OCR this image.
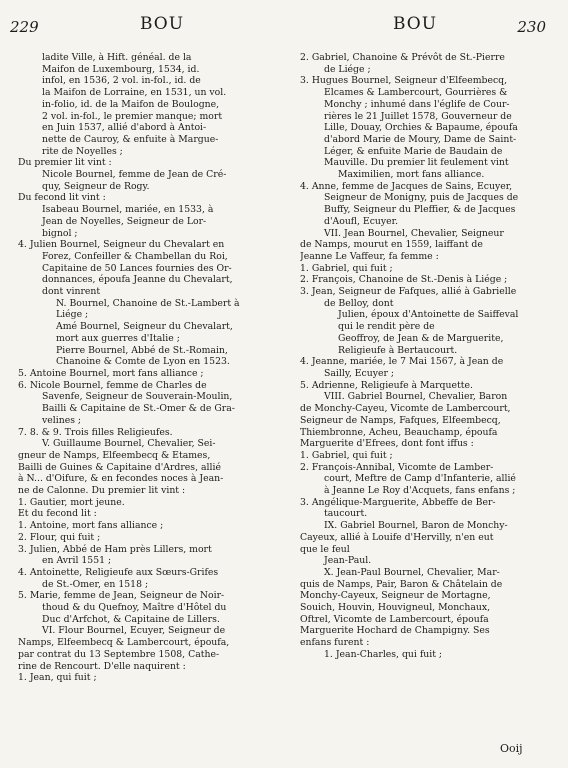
229	BOU	BOU	230
ladite Ville, à Hift. généal. de la
Maifon de Luxembourg, 1534, id.
infol, en 1536, 2 vol. in-fol., id. de
la Maifon de Lorraine, en 1531, un vol.
in-folio, id. de la Maifon de Boulogne,
2 vol. in-fol., le premier manque; mort
en Juin 1537, allié d'abord à Antoi-
nette de Cauroy, & enfuite à Margue-
rite de Noyelles ;
Du premier lit vint :
Nicole Bournel, femme de Jean de Cré-
quy, Seigneur de Rogy.
Du fecond lit vint :
Isabeau Bournel, mariée, en 1533, à
Jean de Noyelles, Seigneur de Lor-
bignol ;
4. Julien Bournel, Seigneur du Chevalart en
Forez, Confeiller & Chambellan du Roi,
Capitaine de 50 Lances fournies des Or-
donnances, époufa Jeanne du Chevalart,
dont vinrent
N. Bournel, Chanoine de St.-Lambert à
Liége ;
Amé Bournel, Seigneur du Chevalart,
mort aux guerres d'Italie ;
Pierre Bournel, Abbé de St.-Romain,
Chanoine & Comte de Lyon en 1523.
5. Antoine Bournel, mort fans alliance ;
6. Nicole Bournel, femme de Charles de
Savenfe, Seigneur de Souverain-Moulin,
Bailli & Capitaine de St.-Omer & de Gra-
velines ;
7. 8. & 9. Trois filles Religieufes.
V. Guillaume Bournel, Chevalier, Sei-
gneur de Namps, Elfeembecq & Etames,
Bailli de Guines & Capitaine d'Ardres, allié
à N... d'Oifure, & en fecondes noces à Jean-
ne de Calonne. Du premier lit vint :
1. Gautier, mort jeune.
Et du fecond lit :
1. Antoine, mort fans alliance ;
2. Flour, qui fuit ;
3. Julien, Abbé de Ham près Lillers, mort
en Avril 1551 ;
4. Antoinette, Religieufe aux Sœurs-Grifes
de St.-Omer, en 1518 ;
5. Marie, femme de Jean, Seigneur de Noir-
thoud & du Quefnoy, Maître d'Hôtel du
Duc d'Arfchot, & Capitaine de Lillers.
VI. Flour Bournel, Ecuyer, Seigneur de
Namps, Elfeembecq & Lambercourt, époufa,
par contrat du 13 Septembre 1508, Cathe-
rine de Rencourt. D'elle naquirent :
1. Jean, qui fuit ;
2. Gabriel, Chanoine & Prévôt de St.-Pierre
de Liége ;
3. Hugues Bournel, Seigneur d'Elfeembecq,
Elcames & Lambercourt, Gourrières &
Monchy ; inhumé dans l'églife de Cour-
rières le 21 Juillet 1578, Gouverneur de
Lille, Douay, Orchies & Bapaume, époufa
d'abord Marie de Moury, Dame de Saint-
Léger, & enfuite Marie de Baudain de
Mauville. Du premier lit feulement vint
Maximilien, mort fans alliance.
4. Anne, femme de Jacques de Sains, Ecuyer,
Seigneur de Monigny, puis de Jacques de
Buffy, Seigneur du Pleffier, & de Jacques
d'Aoufl, Ecuyer.
VII. Jean Bournel, Chevalier, Seigneur
de Namps, mourut en 1559, laiffant de
Jeanne Le Vaffeur, fa femme :
1. Gabriel, qui fuit ;
2. François, Chanoine de St.-Denis à Liége ;
3. Jean, Seigneur de Fafques, allié à Gabrielle
de Belloy, dont
Julien, époux d'Antoinette de Saiffeval
qui le rendit père de
Geoffroy, de Jean & de Marguerite,
Religieufe à Bertaucourt.
4. Jeanne, mariée, le 7 Mai 1567, à Jean de
Sailly, Ecuyer ;
5. Adrienne, Religieufe à Marquette.
VIII. Gabriel Bournel, Chevalier, Baron
de Monchy-Cayeu, Vicomte de Lambercourt,
Seigneur de Namps, Fafques, Elfeembecq,
Thiembronne, Acheu, Beauchamp, époufa
Marguerite d'Efrees, dont font iffus :
1. Gabriel, qui fuit ;
2. François-Annibal, Vicomte de Lamber-
court, Meftre de Camp d'Infanterie, allié
à Jeanne Le Roy d'Acquets, fans enfans ;
3. Angélique-Marguerite, Abbeffe de Ber-
taucourt.
IX. Gabriel Bournel, Baron de Monchy-
Cayeux, allié à Louife d'Hervilly, n'en eut
que le feul
Jean-Paul.
X. Jean-Paul Bournel, Chevalier, Mar-
quis de Namps, Pair, Baron & Châtelain de
Monchy-Cayeux, Seigneur de Mortagne,
Souich, Houvin, Houvigneul, Monchaux,
Oftrel, Vicomte de Lambercourt, époufa
Marguerite Hochard de Champigny. Ses
enfans furent :
1. Jean-Charles, qui fuit ;
Ooij
